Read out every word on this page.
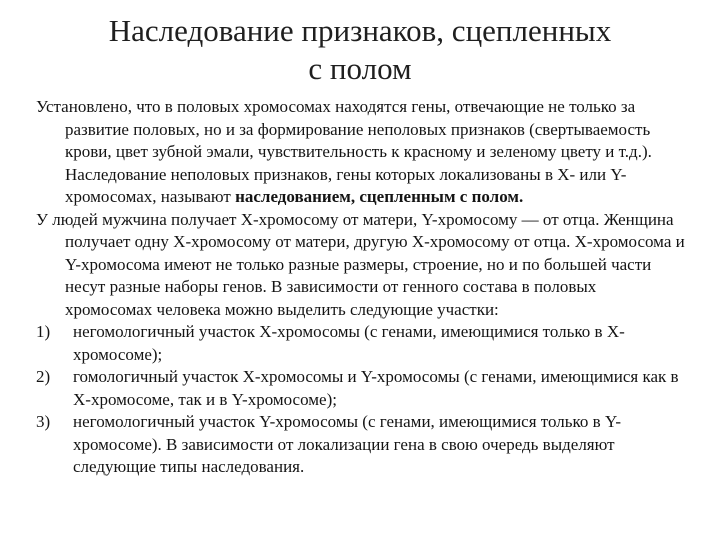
Наследование признаков, сцепленных
с полом

Установлено, что в половых хромосомах находятся гены, отвечающие не только за развитие половых, но и за формирование неполовых признаков (свертываемость крови, цвет зубной эмали, чувствительность к красному и зеленому цвету и т.д.). Наследование неполовых признаков, гены которых локализованы в X- или Y-хромосомах, называют наследованием, сцепленным с полом.

У людей мужчина получает X-хромосому от матери, Y-хромосому — от отца. Женщина получает одну X-хромосому от матери, другую X-хромосому от отца. X-хромосома и Y-хромосома имеют не только разные размеры, строение, но и по большей части несут разные наборы генов. В зависимости от генного состава в половых хромосомах человека можно выделить следующие участки:

1) негомологичный участок X-хромосомы (с генами, имеющимися только в X-хромосоме);
2) гомологичный участок X-хромосомы и Y-хромосомы (с генами, имеющимися как в X-хромосоме, так и в Y-хромосоме);
3) негомологичный участок Y-хромосомы (с генами, имеющимися только в Y-хромосоме). В зависимости от локализации гена в свою очередь выделяют следующие типы наследования.
